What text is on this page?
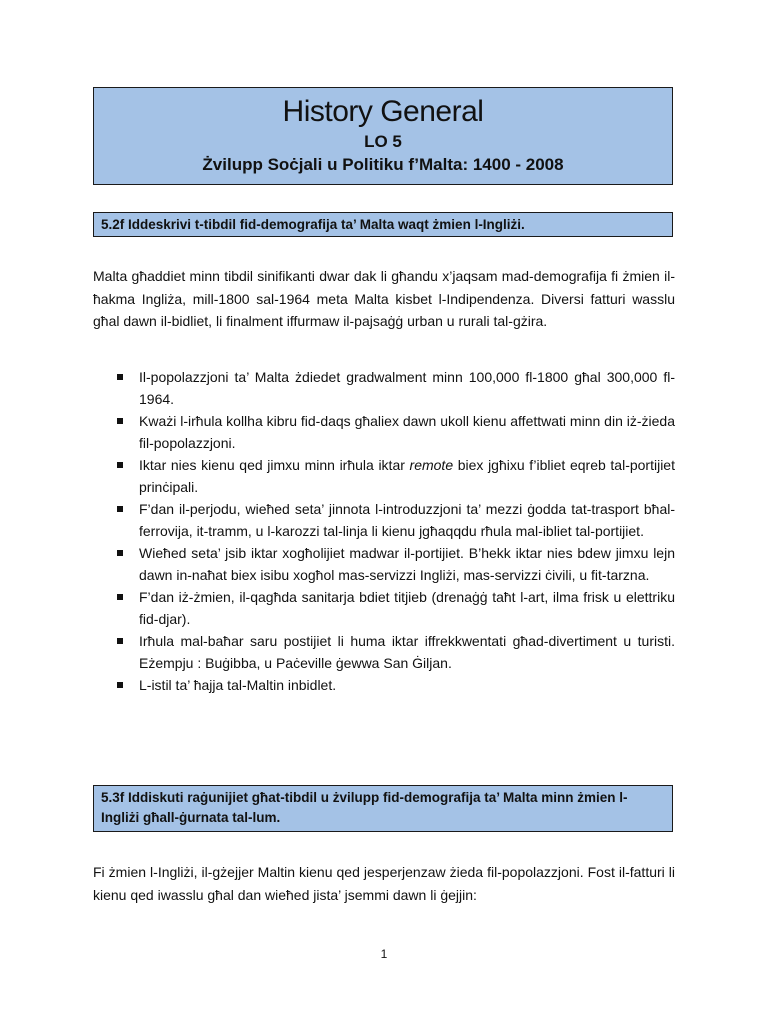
History General
LO 5
Żvilupp Soċjali u Politiku f’Malta: 1400 - 2008
5.2f Iddeskrivi t-tibdil fid-demografija ta’ Malta waqt żmien l-Ingliżi.
Malta għaddiet minn tibdil sinifikanti dwar dak li għandu x’jaqsam mad-demografija fi żmien il-ħakma Ingliża, mill-1800 sal-1964 meta Malta kisbet l-Indipendenza. Diversi fatturi wasslu għal dawn il-bidliet, li finalment iffurmaw il-pajsaġġ urban u rurali tal-gżira.
Il-popolazzjoni ta’ Malta żdiedet gradwalment minn 100,000 fl-1800 għal 300,000 fl-1964.
Kważi l-irħula kollha kibru fid-daqs għaliex dawn ukoll kienu affettwati minn din iż-żieda fil-popolazzjoni.
Iktar nies kienu qed jimxu minn irħula iktar remote biex jgħixu f’ibliet eqreb tal-portijiet prinċipali.
F’dan il-perjodu, wieħed seta’ jinnota l-introduzzjoni ta’ mezzi ġodda tat-trasport bħal-ferrovija, it-tramm, u l-karozzi tal-linja li kienu jgħaqqdu rħula mal-ibliet tal-portijiet.
Wieħed seta’ jsib iktar xogħolijiet madwar il-portijiet. B’hekk iktar nies bdew jimxu lejn dawn in-naħat biex isibu xogħol mas-servizzi Ingliżi, mas-servizzi ċivili, u fit-tarzna.
F’dan iż-żmien, il-qagħda sanitarja bdiet titjieb (drenaġġ taħt l-art, ilma frisk u elettriku fid-djar).
Irħula mal-baħar saru postijiet li huma iktar iffrekkwentati għad-divertiment u turisti. Eżempju : Buġibba, u Paċeville ġewwa San Ġiljan.
L-istil ta’ ħajja tal-Maltin inbidlet.
5.3f Iddiskuti raġunijiet għat-tibdil u żvilupp fid-demografija ta’ Malta minn żmien l-Ingliżi għall-ġurnata tal-lum.
Fi żmien l-Ingliżi, il-gżejjer Maltin kienu qed jesperjenzaw żieda fil-popolazzjoni. Fost il-fatturi li kienu qed iwasslu għal dan wieħed jista’ jsemmi dawn li ġejjin:
1
